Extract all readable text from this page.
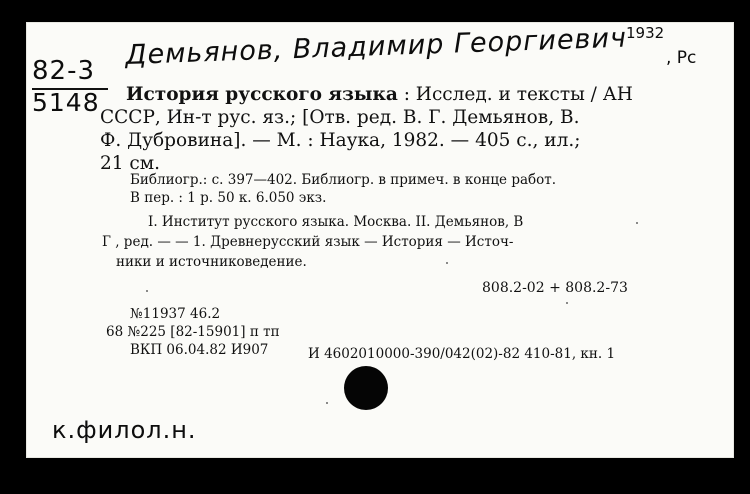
82-3
5148
Демьянов, Владимир Георгиевич
1932
, Рс
История русского языка : Исслед. и тексты / АН
СССР, Ин-т рус. яз.; [Отв. ред. В. Г. Демьянов, В.
Ф. Дубровина]. — М. : Наука, 1982. — 405 с., ил.;
21 см.
Библиогр.: с. 397—402. Библиогр. в примеч. в конце работ.
В пер. : 1 р. 50 к. 6.050 экз.
I. Институт русского языка. Москва. II. Демьянов, В
Г , ред. — — 1. Древнерусский язык — История — Источ-
ники и источниковедение.
808.2-02 + 808.2-73
№11937 46.2
68 №225 [82-15901] п тп
ВКП 06.04.82 И907	И 4602010000-390/042(02)-82 410-81, кн. 1
к.филол.н.
